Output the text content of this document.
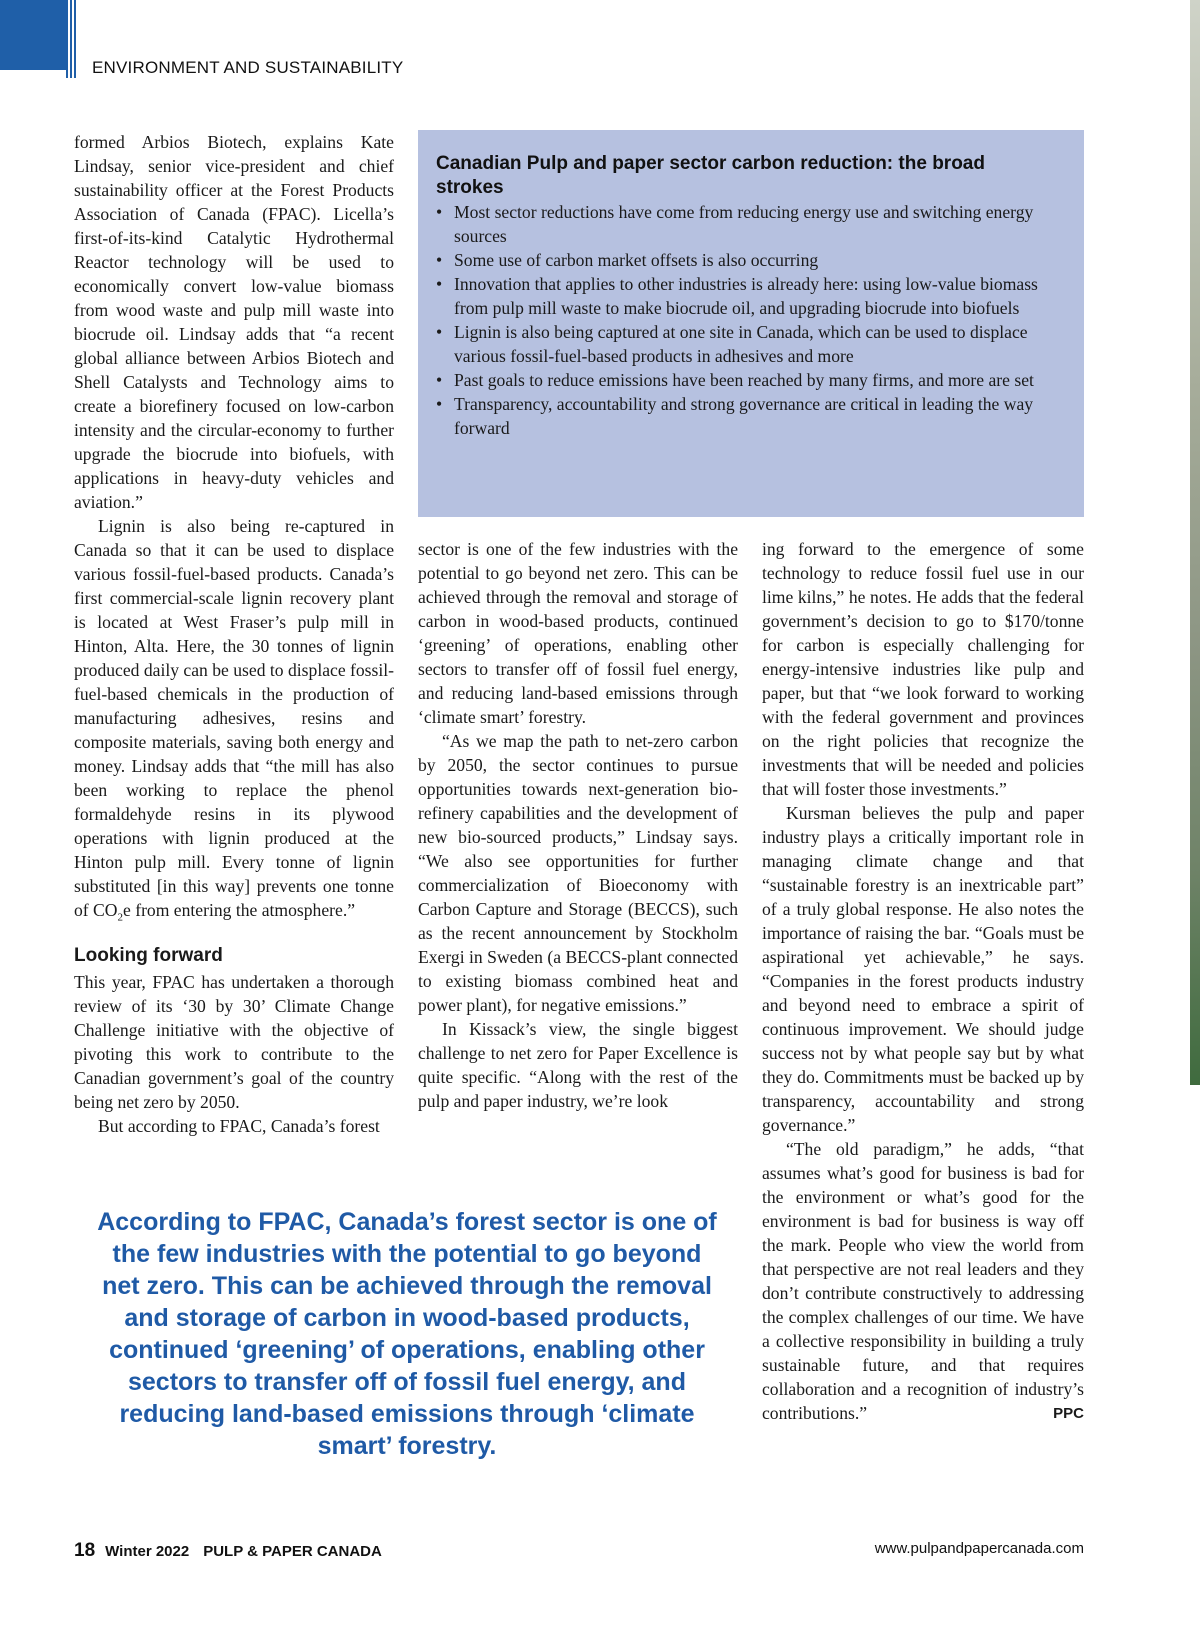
ENVIRONMENT AND SUSTAINABILITY

formed Arbios Biotech, explains Kate Lindsay, senior vice-president and chief sustainability officer at the Forest Products Association of Canada (FPAC). Licella’s first-of-its-kind Catalytic Hydrothermal Reactor technology will be used to economically convert low-value biomass from wood waste and pulp mill waste into biocrude oil. Lindsay adds that “a recent global alliance between Arbios Biotech and Shell Catalysts and Technology aims to create a biorefinery focused on low-carbon intensity and the circular-economy to further upgrade the biocrude into biofuels, with applications in heavy-duty vehicles and aviation.”

Lignin is also being re-captured in Canada so that it can be used to displace various fossil-fuel-based products. Canada’s first commercial-scale lignin recovery plant is located at West Fraser’s pulp mill in Hinton, Alta. Here, the 30 tonnes of lignin produced daily can be used to displace fossil-fuel-based chemicals in the production of manufacturing adhesives, resins and composite materials, saving both energy and money. Lindsay adds that “the mill has also been working to replace the phenol formaldehyde resins in its plywood operations with lignin produced at the Hinton pulp mill. Every tonne of lignin substituted [in this way] prevents one tonne of $CO_2e$ from entering the atmosphere.”

Looking forward

This year, FPAC has undertaken a thorough review of its ‘30 by 30’ Climate Change Challenge initiative with the objective of pivoting this work to contribute to the Canadian government’s goal of the country being net zero by 2050.

But according to FPAC, Canada’s forest

Canadian Pulp and paper sector carbon reduction: the broad strokes
• Most sector reductions have come from reducing energy use and switching energy sources
• Some use of carbon market offsets is also occurring
• Innovation that applies to other industries is already here: using low-value biomass from pulp mill waste to make biocrude oil, and upgrading biocrude into biofuels
• Lignin is also being captured at one site in Canada, which can be used to displace various fossil-fuel-based products in adhesives and more
• Past goals to reduce emissions have been reached by many firms, and more are set
• Transparency, accountability and strong governance are critical in leading the way forward

sector is one of the few industries with the potential to go beyond net zero. This can be achieved through the removal and storage of carbon in wood-based products, continued ‘greening’ of operations, enabling other sectors to transfer off of fossil fuel energy, and reducing land-based emissions through ‘climate smart’ forestry.

“As we map the path to net-zero carbon by 2050, the sector continues to pursue opportunities towards next-generation bio-refinery capabilities and the development of new bio-sourced products,” Lindsay says. “We also see opportunities for further commercialization of Bioeconomy with Carbon Capture and Storage (BECCS), such as the recent announcement by Stockholm Exergi in Sweden (a BECCS-plant connected to existing biomass combined heat and power plant), for negative emissions.”

In Kissack’s view, the single biggest challenge to net zero for Paper Excellence is quite specific. “Along with the rest of the pulp and paper industry, we’re look

ing forward to the emergence of some technology to reduce fossil fuel use in our lime kilns,” he notes. He adds that the federal government’s decision to go to $170/tonne for carbon is especially challenging for energy-intensive industries like pulp and paper, but that “we look forward to working with the federal government and provinces on the right policies that recognize the investments that will be needed and policies that will foster those investments.”

Kursman believes the pulp and paper industry plays a critically important role in managing climate change and that “sustainable forestry is an inextricable part” of a truly global response. He also notes the importance of raising the bar. “Goals must be aspirational yet achievable,” he says. “Companies in the forest products industry and beyond need to embrace a spirit of continuous improvement. We should judge success not by what people say but by what they do. Commitments must be backed up by transparency, accountability and strong governance.”

“The old paradigm,” he adds, “that assumes what’s good for business is bad for the environment or what’s good for the environment is bad for business is way off the mark. People who view the world from that perspective are not real leaders and they don’t contribute constructively to addressing the complex challenges of our time. We have a collective responsibility in building a truly sustainable future, and that requires collaboration and a recognition of industry’s contributions.”	PPC

According to FPAC, Canada’s forest sector is one of the few industries with the potential to go beyond net zero. This can be achieved through the removal and storage of carbon in wood-based products, continued ‘greening’ of operations, enabling other sectors to transfer off of fossil fuel energy, and reducing land-based emissions through ‘climate smart’ forestry.
18 Winter 2022 PULP & PAPER CANADA	www.pulpandpapercanada.com
